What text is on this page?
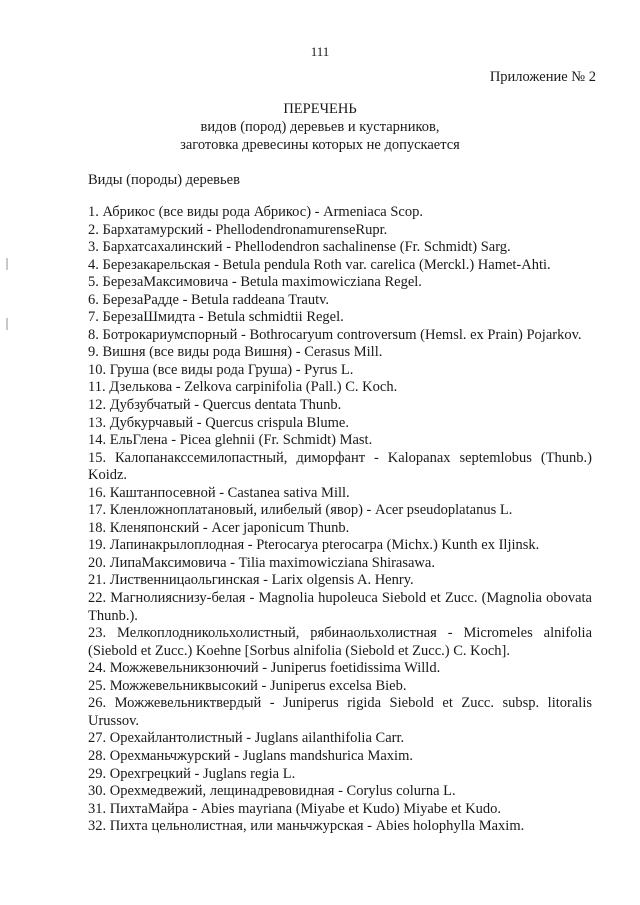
111
Приложение № 2
ПЕРЕЧЕНЬ
видов (пород) деревьев и кустарников,
заготовка древесины которых не допускается
Виды (породы) деревьев
1. Абрикос (все виды рода Абрикос) - Armeniaca Scop.
2. Бархатамурский - PhellodendronamurenseRupr.
3. Бархатсахалинский - Phellodendron sachalinense (Fr. Schmidt) Sarg.
4. Березакарельская - Betula pendula Roth var. carelica (Merckl.) Hamet-Ahti.
5. БерезаМаксимовича - Betula maximowicziana Regel.
6. БерезаРадде - Betula raddeana Trautv.
7. БерезаШмидта - Betula schmidtii Regel.
8. Ботрокариумспорный - Bothrocaryum controversum (Hemsl. ex Prain) Pojarkov.
9. Вишня (все виды рода Вишня) - Cerasus Mill.
10. Груша (все виды рода Груша) - Pyrus L.
11. Дзелькова - Zelkova carpinifolia (Pall.) C. Koch.
12. Дубзубчатый - Quercus dentata Thunb.
13. Дубкурчавый - Quercus crispula Blume.
14. ЕльГлена - Picea glehnii (Fr. Schmidt) Mast.
15. Калопанакссемилопастный, диморфант - Kalopanax septemlobus (Thunb.) Koidz.
16. Каштанпосевной - Castanea sativa Mill.
17. Кленложноплатановый, илибелый (явор) - Acer pseudoplatanus L.
18. Кленяпонский - Acer japonicum Thunb.
19. Лапинакрылоплодная - Pterocarya pterocarpa (Michx.) Kunth ex Iljinsk.
20. ЛипаМаксимовича - Tilia maximowicziana Shirasawa.
21. Лиственницаольгинская - Larix olgensis A. Henry.
22. Магнолияснизу-белая - Magnolia hupoleuca Siebold et Zucc. (Magnolia obovata Thunb.).
23. Мелкоплодникольхолистный, рябинаольхолистная - Micromeles alnifolia (Siebold et Zucc.) Koehne [Sorbus alnifolia (Siebold et Zucc.) C. Koch].
24. Можжевельникзонючий - Juniperus foetidissima Willd.
25. Можжевельниквысокий - Juniperus excelsa Bieb.
26. Можжевельниктвердый - Juniperus rigida Siebold et Zucc. subsp. litoralis Urussov.
27. Орехайлантолистный - Juglans ailanthifolia Carr.
28. Орехманьчжурский - Juglans mandshurica Maxim.
29. Орехгрецкий - Juglans regia L.
30. Орехмедвежий, лещинадревовидная - Corylus colurna L.
31. ПихтаМайра - Abies mayriana (Miyabe et Kudo) Miyabe et Kudo.
32. Пихта цельнолистная, или маньчжурская - Abies holophylla Maxim.
